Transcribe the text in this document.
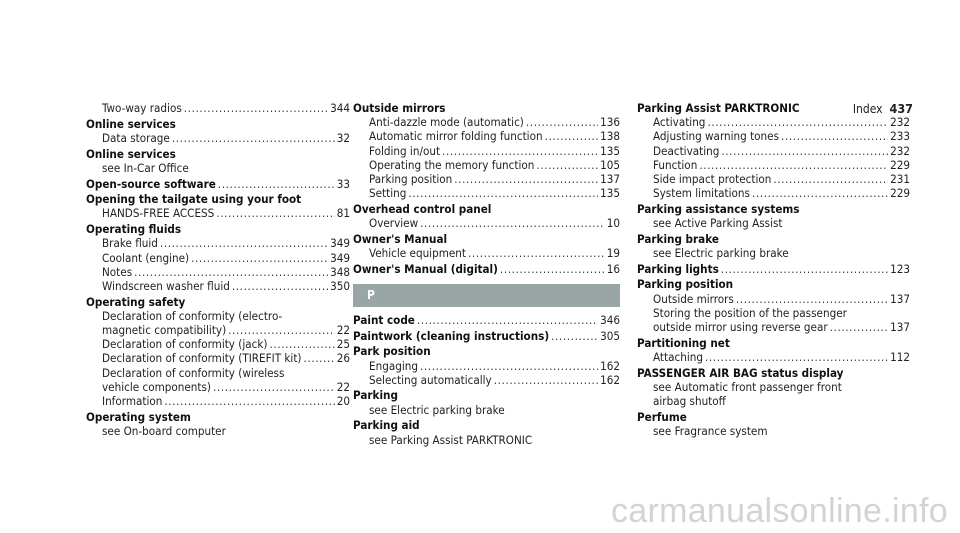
Index 437
Two-way radios .....	344
Online services
Data storage .....	32
Online services
see In-Car Office
Open-source software .....	33
Opening the tailgate using your foot
HANDS-FREE ACCESS .....	81
Operating fluids
Brake fluid .....	349
Coolant (engine) .....	349
Notes .....	348
Windscreen washer fluid .....	350
Operating safety
Declaration of conformity (electro-
magnetic compatibility) .....	22
Declaration of conformity (jack) .....	25
Declaration of conformity (TIREFIT kit) .....	26
Declaration of conformity (wireless
vehicle components) .....	22
Information .....	20
Operating system
see On-board computer
Outside mirrors
Anti-dazzle mode (automatic) .....	136
Automatic mirror folding function .....	138
Folding in/out .....	135
Operating the memory function .....	105
Parking position .....	137
Setting .....	135
Overhead control panel
Overview .....	10
Owner's Manual
Vehicle equipment .....	19
Owner's Manual (digital) .....	16
P
Paint code .....	346
Paintwork (cleaning instructions) .....	305
Park position
Engaging .....	162
Selecting automatically .....	162
Parking
see Electric parking brake
Parking aid
see Parking Assist PARKTRONIC
Parking Assist PARKTRONIC
Activating .....	232
Adjusting warning tones .....	233
Deactivating .....	232
Function .....	229
Side impact protection .....	231
System limitations .....	229
Parking assistance systems
see Active Parking Assist
Parking brake
see Electric parking brake
Parking lights .....	123
Parking position
Outside mirrors .....	137
Storing the position of the passenger
outside mirror using reverse gear .....	137
Partitioning net
Attaching .....	112
PASSENGER AIR BAG status display
see Automatic front passenger front
airbag shutoff
Perfume
see Fragrance system
carmanualsonline.info
